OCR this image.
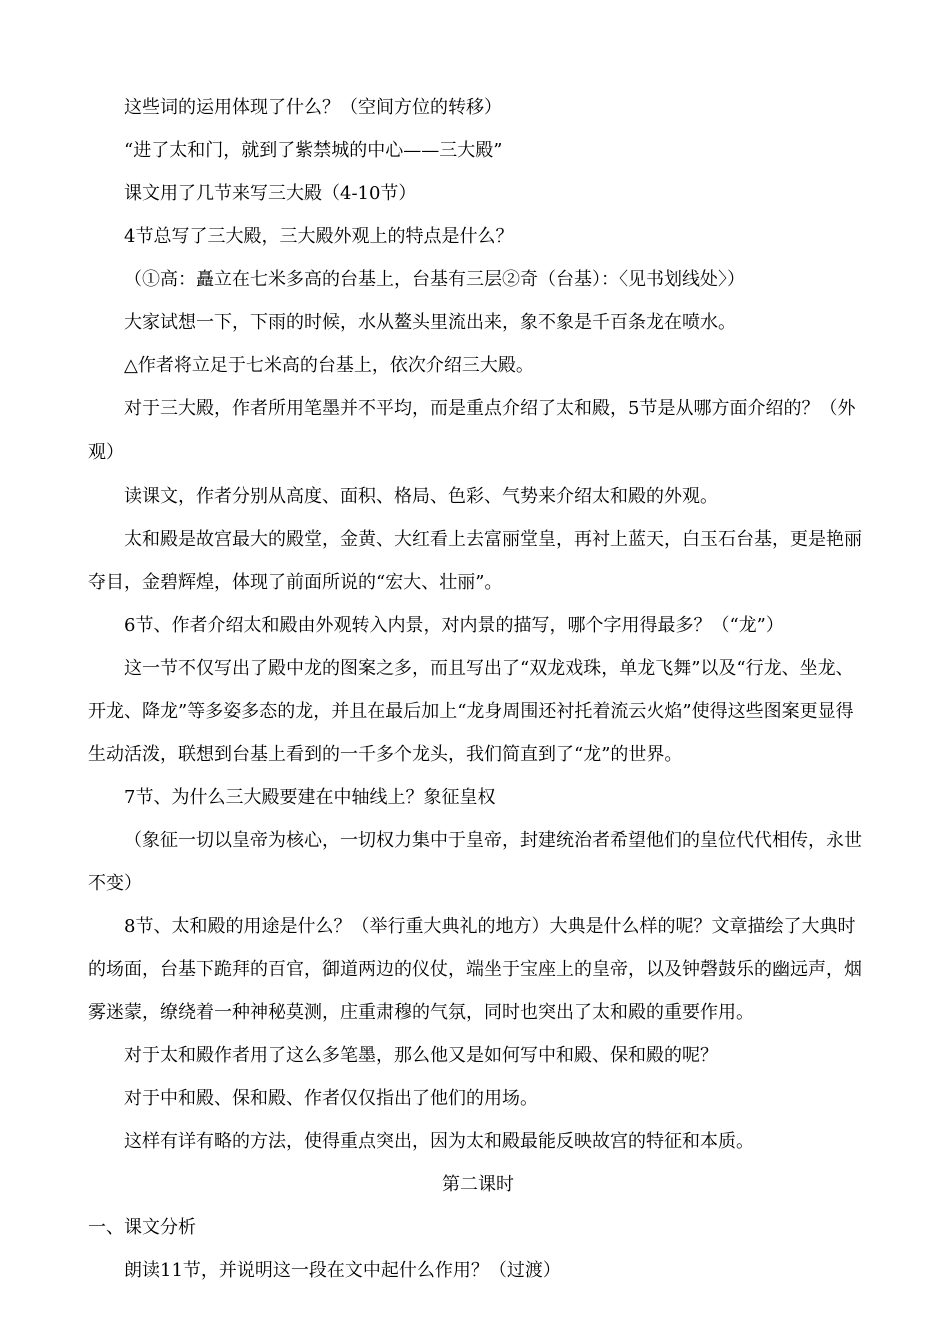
这些词的运用体现了什么？（空间方位的转移）

“进了太和门，就到了紫禁城的中心——三大殿”

课文用了几节来写三大殿（4-10节）

4节总写了三大殿，三大殿外观上的特点是什么？

（①高：矗立在七米多高的台基上，台基有三层②奇（台基）：〈见书划线处〉）

大家试想一下，下雨的时候，水从鳌头里流出来，象不象是千百条龙在喷水。

△作者将立足于七米高的台基上，依次介绍三大殿。

对于三大殿，作者所用笔墨并不平均，而是重点介绍了太和殿，5节是从哪方面介绍的？（外观）

读课文，作者分别从高度、面积、格局、色彩、气势来介绍太和殿的外观。

太和殿是故宫最大的殿堂，金黄、大红看上去富丽堂皇，再衬上蓝天，白玉石台基，更是艳丽夺目，金碧辉煌，体现了前面所说的“宏大、壮丽”。

6节、作者介绍太和殿由外观转入内景，对内景的描写，哪个字用得最多？（“龙”）

这一节不仅写出了殿中龙的图案之多，而且写出了“双龙戏珠，单龙飞舞”以及“行龙、坐龙、开龙、降龙”等多姿多态的龙，并且在最后加上“龙身周围还衬托着流云火焰”使得这些图案更显得生动活泼，联想到台基上看到的一千多个龙头，我们简直到了“龙”的世界。

7节、为什么三大殿要建在中轴线上？象征皇权

（象征一切以皇帝为核心，一切权力集中于皇帝，封建统治者希望他们的皇位代代相传，永世不变）

8节、太和殿的用途是什么？（举行重大典礼的地方）大典是什么样的呢？文章描绘了大典时的场面，台基下跪拜的百官，御道两边的仪仗，端坐于宝座上的皇帝，以及钟磬鼓乐的幽远声，烟雾迷蒙，缭绕着一种神秘莫测，庄重肃穆的气氛，同时也突出了太和殿的重要作用。

对于太和殿作者用了这么多笔墨，那么他又是如何写中和殿、保和殿的呢？

对于中和殿、保和殿、作者仅仅指出了他们的用场。

这样有详有略的方法，使得重点突出，因为太和殿最能反映故宫的特征和本质。

第二课时

一、课文分析

朗读11节，并说明这一段在文中起什么作用？（过渡）
